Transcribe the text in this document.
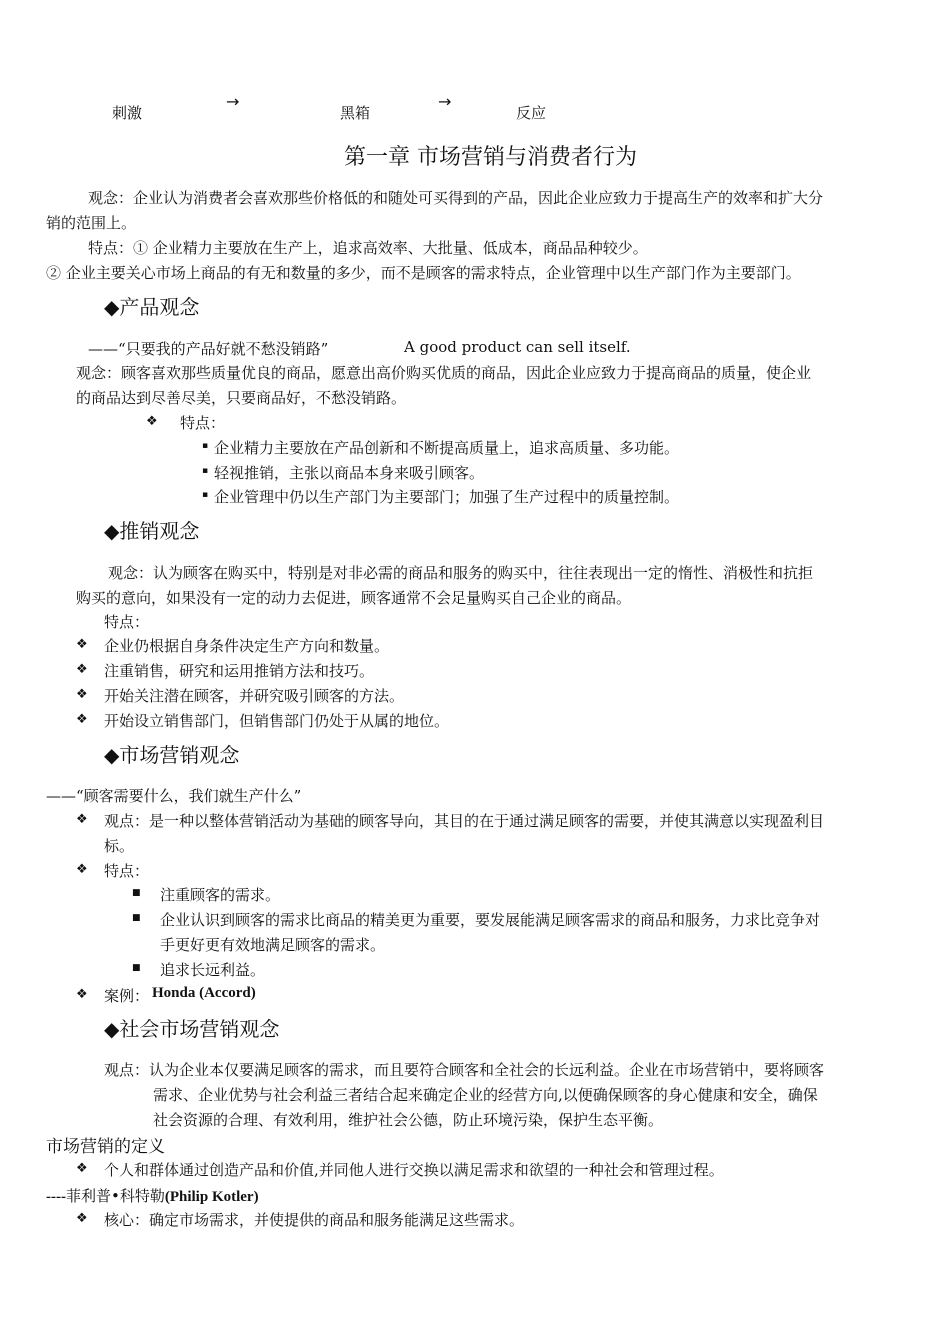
刺激
→
黑箱
→
反应
第一章 市场营销与消费者行为
观念：企业认为消费者会喜欢那些价格低的和随处可买得到的产品，因此企业应致力于提高生产的效率和扩大分
销的范围上。
特点：① 企业精力主要放在生产上，追求高效率、大批量、低成本，商品品种较少。
② 企业主要关心市场上商品的有无和数量的多少，而不是顾客的需求特点，企业管理中以生产部门作为主要部门。
◆产品观念
——“只要我的产品好就不愁没销路”	A good product can sell itself.
观念：顾客喜欢那些质量优良的商品，愿意出高价购买优质的商品，因此企业应致力于提高商品的质量，使企业
的商品达到尽善尽美，只要商品好，不愁没销路。
❖ 特点：
▪ 企业精力主要放在产品创新和不断提高质量上，追求高质量、多功能。
▪ 轻视推销，主张以商品本身来吸引顾客。
▪ 企业管理中仍以生产部门为主要部门；加强了生产过程中的质量控制。
◆推销观念
观念：认为顾客在购买中，特别是对非必需的商品和服务的购买中，往往表现出一定的惰性、消极性和抗拒
购买的意向，如果没有一定的动力去促进，顾客通常不会足量购买自己企业的商品。
特点：
❖ 企业仍根据自身条件决定生产方向和数量。
❖ 注重销售，研究和运用推销方法和技巧。
❖ 开始关注潜在顾客，并研究吸引顾客的方法。
❖ 开始设立销售部门，但销售部门仍处于从属的地位。
◆市场营销观念
——“顾客需要什么，我们就生产什么”
❖ 观点：是一种以整体营销活动为基础的顾客导向，其目的在于通过满足顾客的需要，并使其满意以实现盈利目
标。
❖ 特点：
■ 注重顾客的需求。
■ 企业认识到顾客的需求比商品的精美更为重要，要发展能满足顾客需求的商品和服务，力求比竞争对
手更好更有效地满足顾客的需求。
■ 追求长远利益。
❖ 案例： Honda (Accord)
◆社会市场营销观念
观点：认为企业本仅要满足顾客的需求，而且要符合顾客和全社会的长远利益。企业在市场营销中，要将顾客
需求、企业优势与社会利益三者结合起来确定企业的经营方向,以便确保顾客的身心健康和安全，确保
社会资源的合理、有效利用，维护社会公德，防止环境污染，保护生态平衡。
市场营销的定义
❖ 个人和群体通过创造产品和价值,并同他人进行交换以满足需求和欲望的一种社会和管理过程。
----菲利普•科特勒(Philip Kotler)
❖ 核心：确定市场需求，并使提供的商品和服务能满足这些需求。
